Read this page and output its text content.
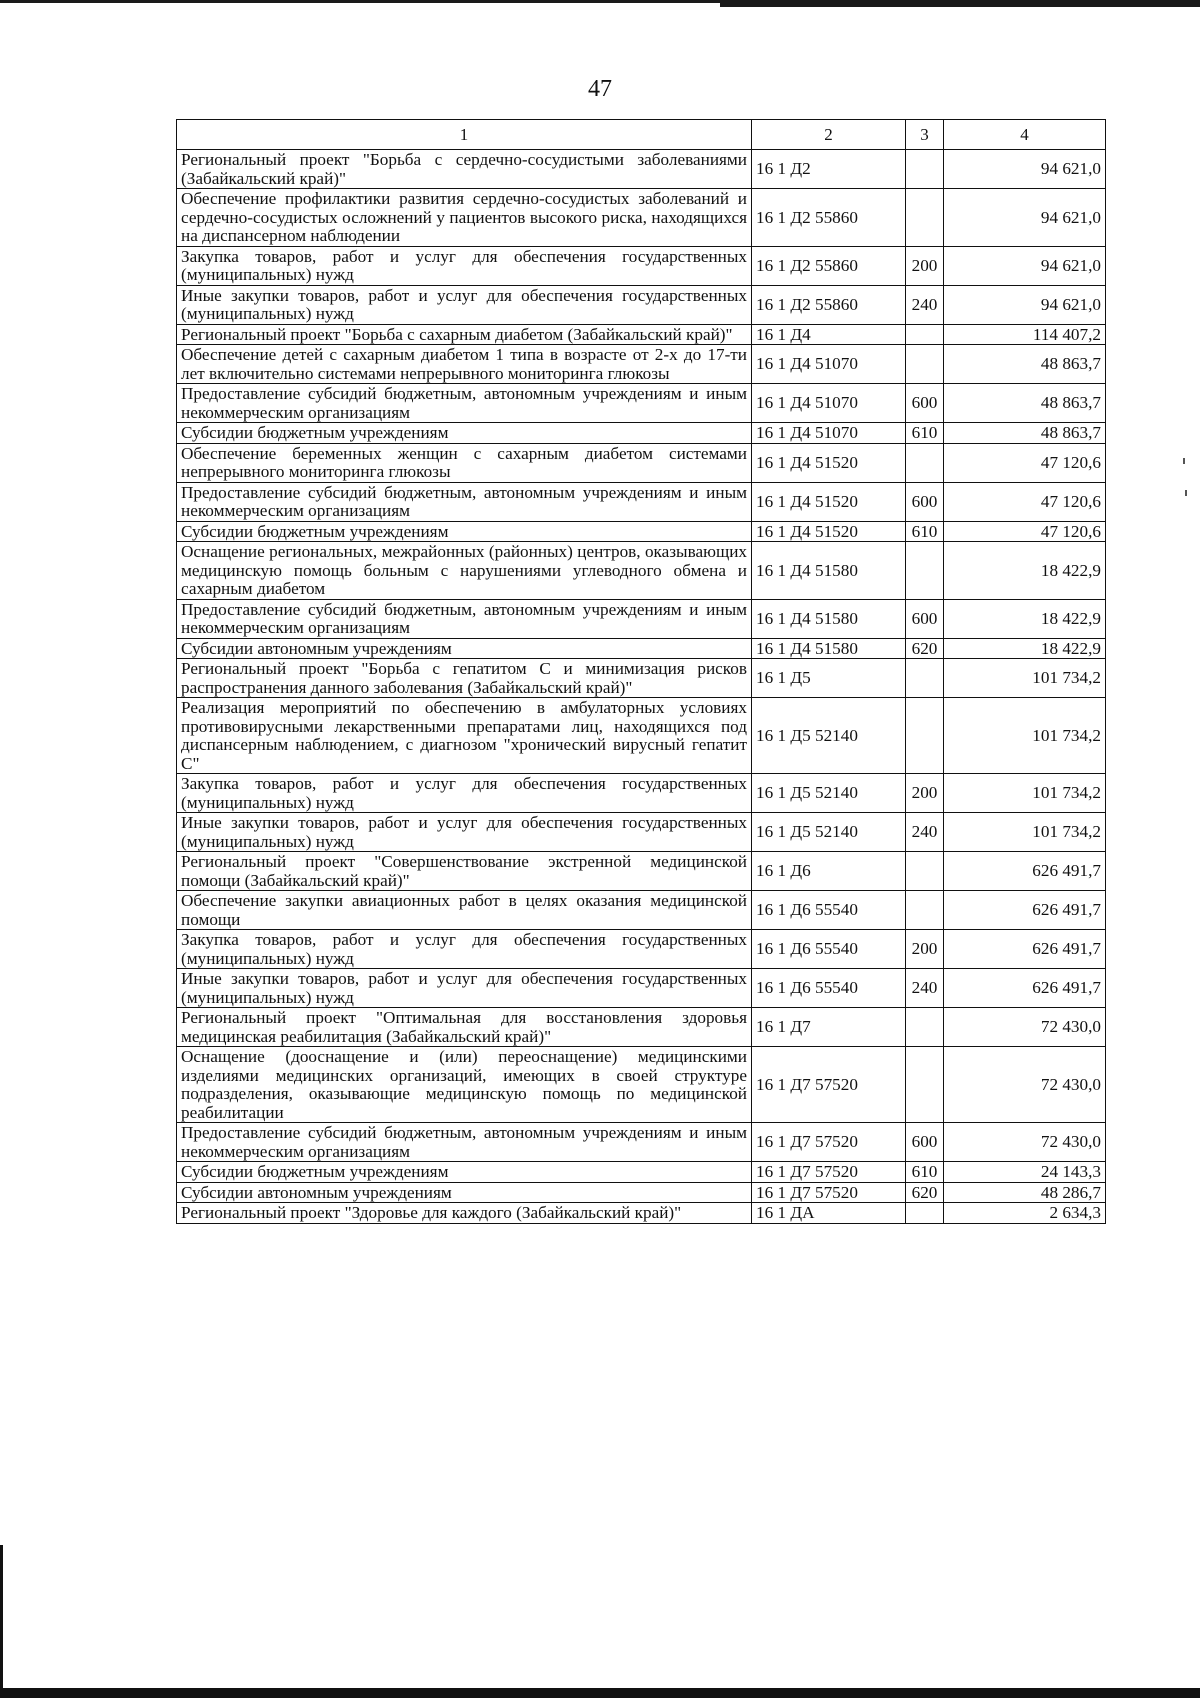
47
1	2	3	4
Региональный проект "Борьба с сердечно-сосудистыми заболеваниями (Забайкальский край)"	16 1 Д2		94 621,0
Обеспечение профилактики развития сердечно-сосудистых заболеваний и сердечно-сосудистых осложнений у пациентов высокого риска, находящихся на диспансерном наблюдении	16 1 Д2 55860		94 621,0
Закупка товаров, работ и услуг для обеспечения государственных (муниципальных) нужд	16 1 Д2 55860	200	94 621,0
Иные закупки товаров, работ и услуг для обеспечения государственных (муниципальных) нужд	16 1 Д2 55860	240	94 621,0
Региональный проект "Борьба с сахарным диабетом (Забайкальский край)"	16 1 Д4		114 407,2
Обеспечение детей с сахарным диабетом 1 типа в возрасте от 2-х до 17-ти лет включительно системами непрерывного мониторинга глюкозы	16 1 Д4 51070		48 863,7
Предоставление субсидий бюджетным, автономным учреждениям и иным некоммерческим организациям	16 1 Д4 51070	600	48 863,7
Субсидии бюджетным учреждениям	16 1 Д4 51070	610	48 863,7
Обеспечение беременных женщин с сахарным диабетом системами непрерывного мониторинга глюкозы	16 1 Д4 51520		47 120,6
Предоставление субсидий бюджетным, автономным учреждениям и иным некоммерческим организациям	16 1 Д4 51520	600	47 120,6
Субсидии бюджетным учреждениям	16 1 Д4 51520	610	47 120,6
Оснащение региональных, межрайонных (районных) центров, оказывающих медицинскую помощь больным с нарушениями углеводного обмена и сахарным диабетом	16 1 Д4 51580		18 422,9
Предоставление субсидий бюджетным, автономным учреждениям и иным некоммерческим организациям	16 1 Д4 51580	600	18 422,9
Субсидии автономным учреждениям	16 1 Д4 51580	620	18 422,9
Региональный проект "Борьба с гепатитом С и минимизация рисков распространения данного заболевания (Забайкальский край)"	16 1 Д5		101 734,2
Реализация мероприятий по обеспечению в амбулаторных условиях противовирусными лекарственными препаратами лиц, находящихся под диспансерным наблюдением, с диагнозом "хронический вирусный гепатит С"	16 1 Д5 52140		101 734,2
Закупка товаров, работ и услуг для обеспечения государственных (муниципальных) нужд	16 1 Д5 52140	200	101 734,2
Иные закупки товаров, работ и услуг для обеспечения государственных (муниципальных) нужд	16 1 Д5 52140	240	101 734,2
Региональный проект "Совершенствование экстренной медицинской помощи (Забайкальский край)"	16 1 Д6		626 491,7
Обеспечение закупки авиационных работ в целях оказания медицинской помощи	16 1 Д6 55540		626 491,7
Закупка товаров, работ и услуг для обеспечения государственных (муниципальных) нужд	16 1 Д6 55540	200	626 491,7
Иные закупки товаров, работ и услуг для обеспечения государственных (муниципальных) нужд	16 1 Д6 55540	240	626 491,7
Региональный проект "Оптимальная для восстановления здоровья медицинская реабилитация (Забайкальский край)"	16 1 Д7		72 430,0
Оснащение (дооснащение и (или) переоснащение) медицинскими изделиями медицинских организаций, имеющих в своей структуре подразделения, оказывающие медицинскую помощь по медицинской реабилитации	16 1 Д7 57520		72 430,0
Предоставление субсидий бюджетным, автономным учреждениям и иным некоммерческим организациям	16 1 Д7 57520	600	72 430,0
Субсидии бюджетным учреждениям	16 1 Д7 57520	610	24 143,3
Субсидии автономным учреждениям	16 1 Д7 57520	620	48 286,7
Региональный проект "Здоровье для каждого (Забайкальский край)"	16 1 ДА		2 634,3
